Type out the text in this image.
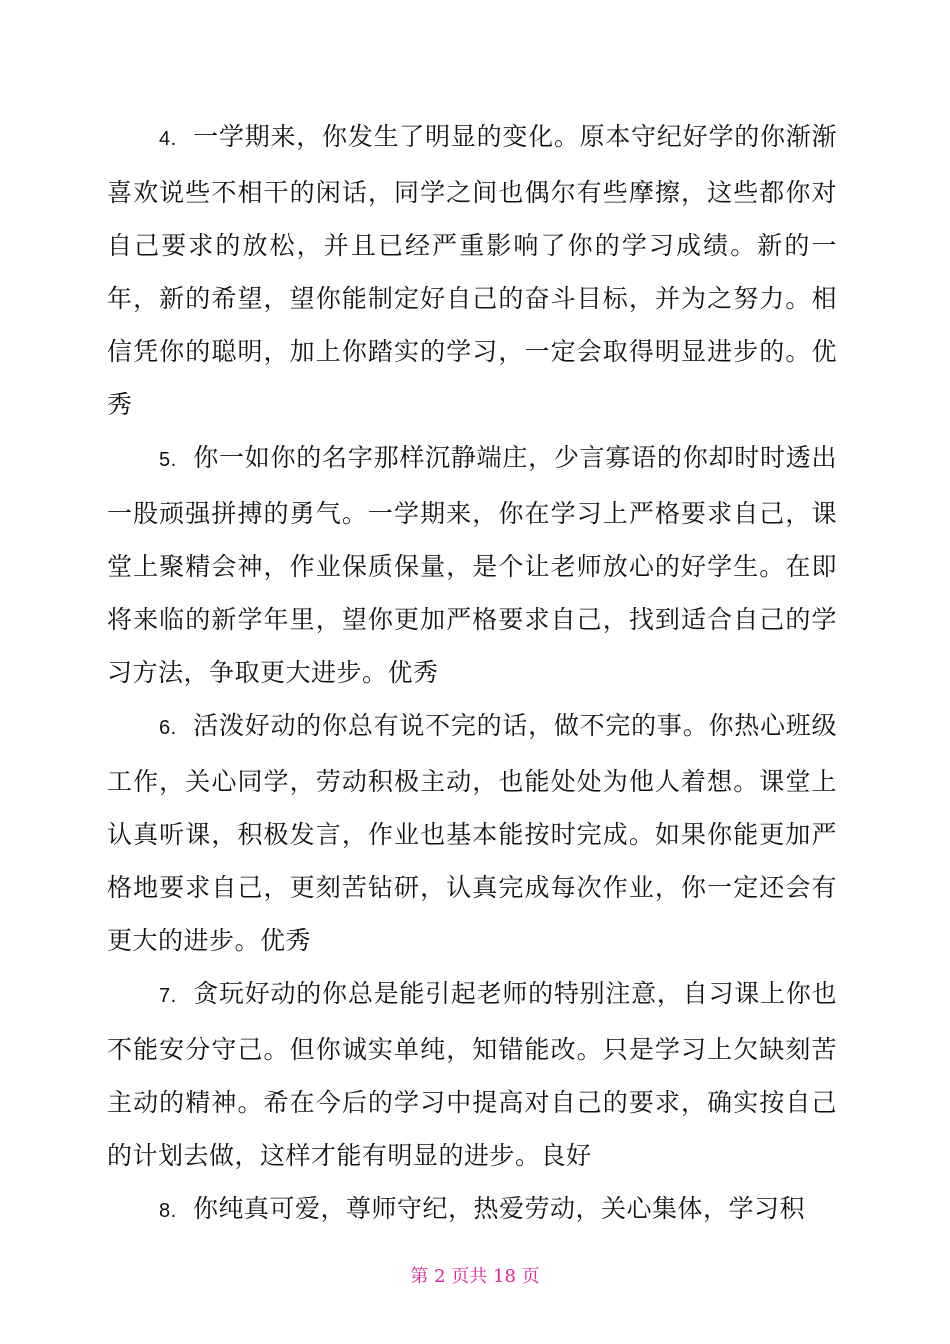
4. 一学期来，你发生了明显的变化。原本守纪好学的你渐渐喜欢说些不相干的闲话，同学之间也偶尔有些摩擦，这些都你对自己要求的放松，并且已经严重影响了你的学习成绩。新的一年，新的希望，望你能制定好自己的奋斗目标，并为之努力。相信凭你的聪明，加上你踏实的学习，一定会取得明显进步的。优秀

5. 你一如你的名字那样沉静端庄，少言寡语的你却时时透出一股顽强拼搏的勇气。一学期来，你在学习上严格要求自己，课堂上聚精会神，作业保质保量，是个让老师放心的好学生。在即将来临的新学年里，望你更加严格要求自己，找到适合自己的学习方法，争取更大进步。优秀

6. 活泼好动的你总有说不完的话，做不完的事。你热心班级工作，关心同学，劳动积极主动，也能处处为他人着想。课堂上认真听课，积极发言，作业也基本能按时完成。如果你能更加严格地要求自己，更刻苦钻研，认真完成每次作业，你一定还会有更大的进步。优秀

7. 贪玩好动的你总是能引起老师的特别注意，自习课上你也不能安分守己。但你诚实单纯，知错能改。只是学习上欠缺刻苦主动的精神。希在今后的学习中提高对自己的要求，确实按自己的计划去做，这样才能有明显的进步。良好

8. 你纯真可爱，尊师守纪，热爱劳动，关心集体，学习积

第 2 页共 18 页
